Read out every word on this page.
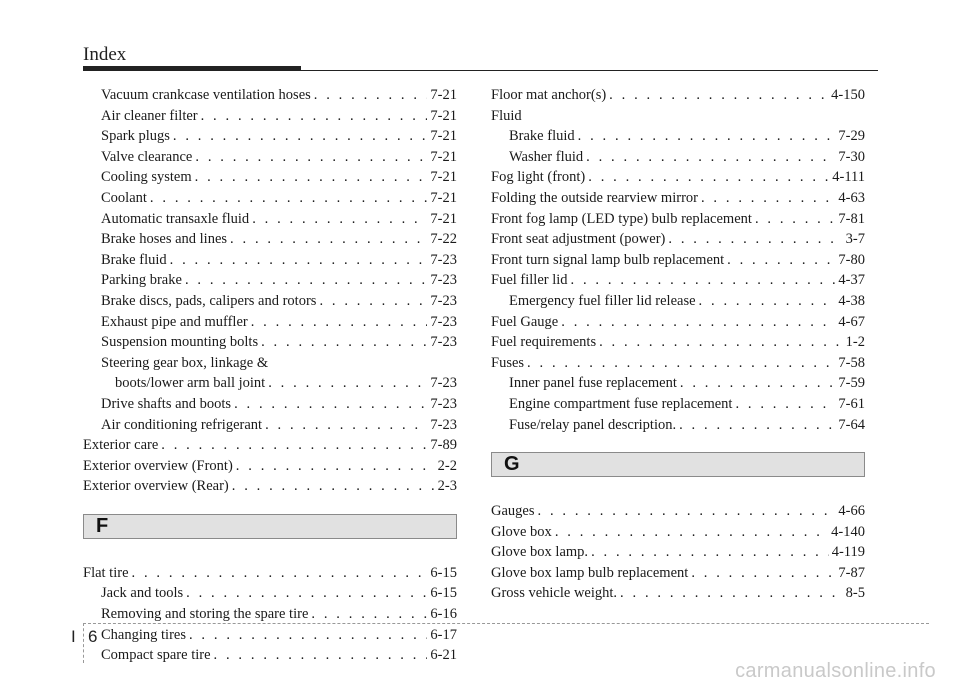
Index
Vacuum crankcase ventilation hoses . . .	7-21
Air cleaner filter . . .	7-21
Spark plugs . . .	7-21
Valve clearance . . .	7-21
Cooling system . . .	7-21
Coolant . . .	7-21
Automatic transaxle fluid . . .	7-21
Brake hoses and lines . . .	7-22
Brake fluid . . .	7-23
Parking brake . . .	7-23
Brake discs, pads, calipers and rotors . . .	7-23
Exhaust pipe and muffler . . .	7-23
Suspension mounting bolts . . .	7-23
Steering gear box, linkage &
boots/lower arm ball joint . . .	7-23
Drive shafts and boots . . .	7-23
Air conditioning refrigerant . . .	7-23
Exterior care . . .	7-89
Exterior overview (Front) . . .	2-2
Exterior overview (Rear) . . .	2-3
F
Flat tire . . .	6-15
Jack and tools . . .	6-15
Removing and storing the spare tire . . .	6-16
Changing tires . . .	6-17
Compact spare tire . . .	6-21
Floor mat anchor(s) . . .	4-150
Fluid
Brake fluid . . .	7-29
Washer fluid . . .	7-30
Fog light (front) . . .	4-111
Folding the outside rearview mirror . . .	4-63
Front fog lamp (LED type) bulb replacement . . .	7-81
Front seat adjustment (power) . . .	3-7
Front turn signal lamp bulb replacement . . .	7-80
Fuel filler lid . . .	4-37
Emergency fuel filler lid release . . .	4-38
Fuel Gauge . . .	4-67
Fuel requirements . . .	1-2
Fuses . . .	7-58
Inner panel fuse replacement . . .	7-59
Engine compartment fuse replacement . . .	7-61
Fuse/relay panel description. . . .	7-64
G
Gauges . . .	4-66
Glove box . . .	4-140
Glove box lamp. . . .	4-119
Glove box lamp bulb replacement . . .	7-87
Gross vehicle weight. . . .	8-5
I 6
carmanualsonline.info
